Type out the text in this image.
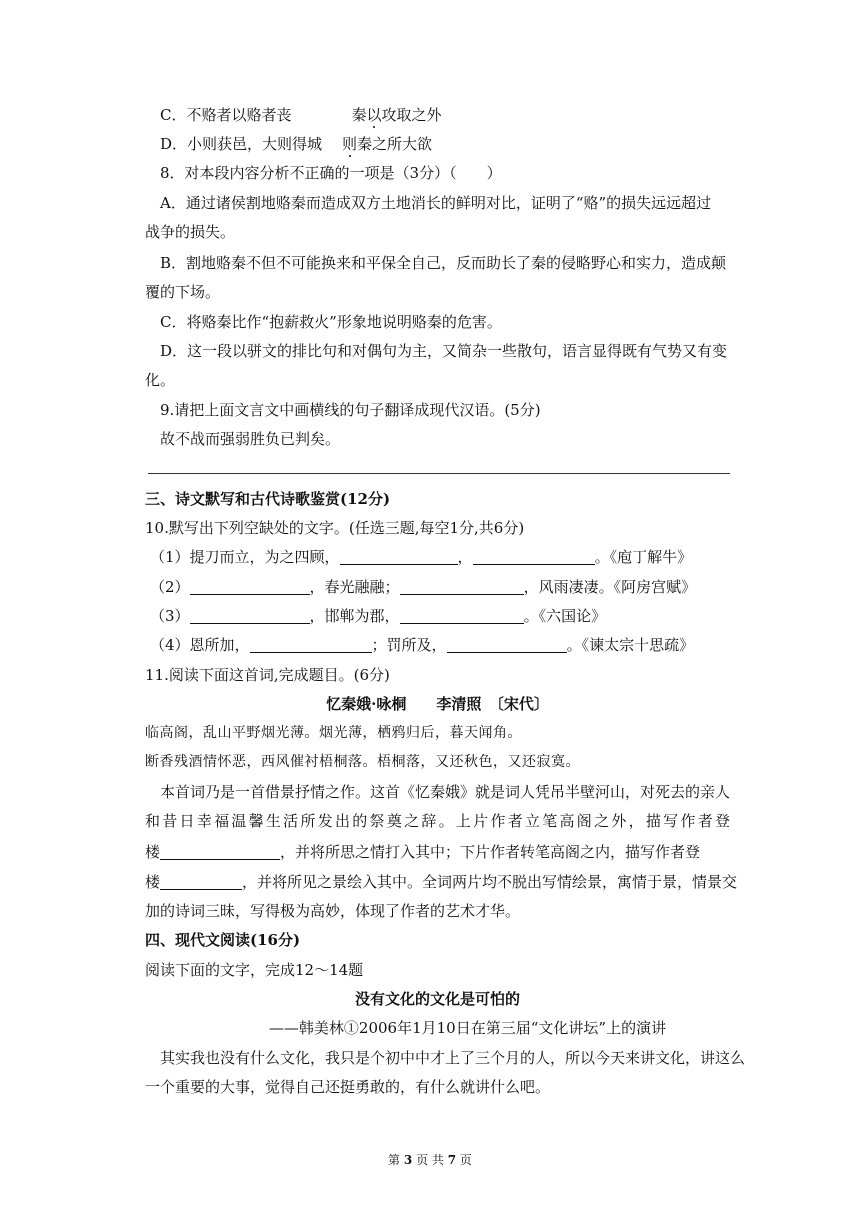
C．不赂者以赂者丧	秦以攻取之外
D．小则获邑，大则得城 则秦之所大欲
8．对本段内容分析不正确的一项是（3分）（　　）
A．通过诸侯割地赂秦而造成双方土地消长的鲜明对比，证明了“赂”的损失远远超过
战争的损失。
B．割地赂秦不但不可能换来和平保全自己，反而助长了秦的侵略野心和实力，造成颠
覆的下场。
C．将赂秦比作“抱薪救火”形象地说明赂秦的危害。
D．这一段以骈文的排比句和对偶句为主，又简杂一些散句，语言显得既有气势又有变
化。
9.请把上面文言文中画横线的句子翻译成现代汉语。(5分)
故不战而强弱胜负已判矣。
三、诗文默写和古代诗歌鉴赏(12分)
10.默写出下列空缺处的文字。(任选三题,每空1分,共6分)
（1）提刀而立，为之四顾，	，	。《庖丁解牛》
（2）	，春光融融；	，风雨凄凄。《阿房宫赋》
（3）	，邯郸为郡，	。《六国论》
（4）恩所加，	；罚所及，	。《谏太宗十思疏》
11.阅读下面这首词,完成题目。(6分)
忆秦娥·咏桐　　李清照　〔宋代〕
临高阁，乱山平野烟光薄。烟光薄，栖鸦归后，暮天闻角。
断香残酒情怀恶，西风催衬梧桐落。梧桐落，又还秋色，又还寂寞。
本首词乃是一首借景抒情之作。这首《忆秦娥》就是词人凭吊半壁河山，对死去的亲人
和昔日幸福温馨生活所发出的祭奠之辞。上片作者立笔高阁之外，描写作者登
楼	，并将所思之情打入其中；下片作者转笔高阁之内，描写作者登
楼	，并将所见之景绘入其中。全词两片均不脱出写情绘景，寓情于景，情景交
加的诗词三昧，写得极为高妙，体现了作者的艺术才华。
四、现代文阅读(16分)
阅读下面的文字，完成12～14题
没有文化的文化是可怕的
——韩美林①2006年1月10日在第三届“文化讲坛”上的演讲
其实我也没有什么文化，我只是个初中中才上了三个月的人，所以今天来讲文化，讲这么
一个重要的大事，觉得自己还挺勇敢的，有什么就讲什么吧。
第 3 页 共 7 页
